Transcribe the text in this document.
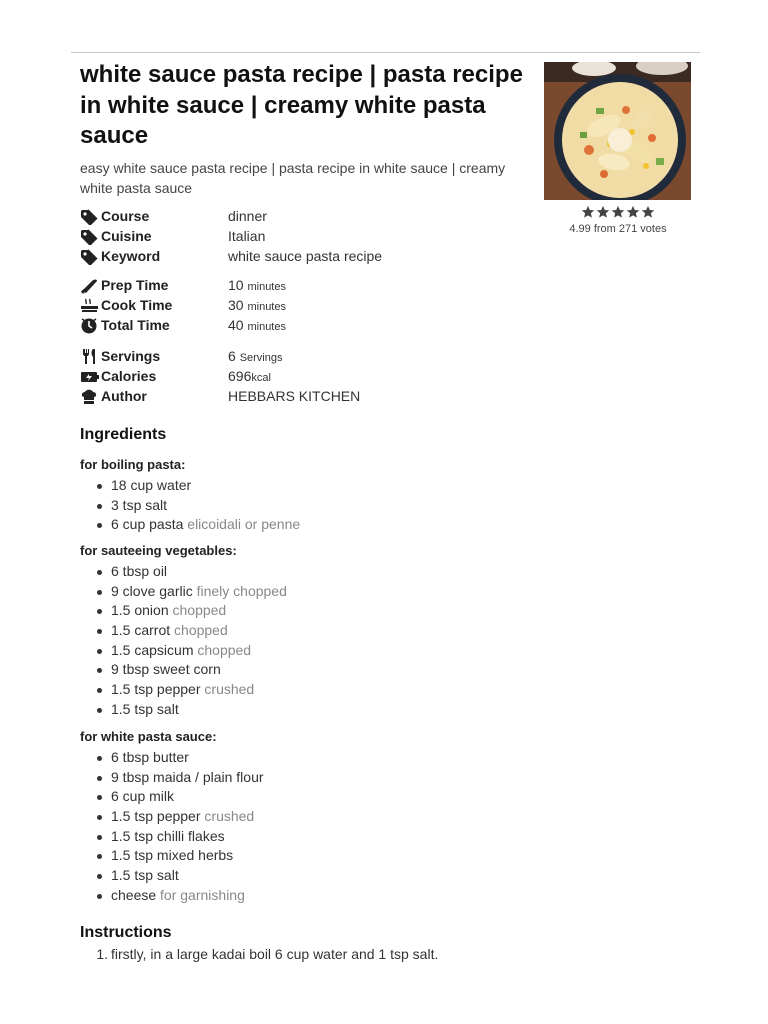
white sauce pasta recipe | pasta recipe in white sauce | creamy white pasta sauce
easy white sauce pasta recipe | pasta recipe in white sauce | creamy white pasta sauce
4.99 from 271 votes
Course	dinner
Cuisine	Italian
Keyword	white sauce pasta recipe
Prep Time	10 minutes
Cook Time	30 minutes
Total Time	40 minutes
Servings	6 Servings
Calories	696kcal
Author	HEBBARS KITCHEN
Ingredients
for boiling pasta:
18 cup water
3 tsp salt
6 cup pasta elicoidali or penne
for sauteeing vegetables:
6 tbsp oil
9 clove garlic finely chopped
1.5 onion chopped
1.5 carrot chopped
1.5 capsicum chopped
9 tbsp sweet corn
1.5 tsp pepper crushed
1.5 tsp salt
for white pasta sauce:
6 tbsp butter
9 tbsp maida / plain flour
6 cup milk
1.5 tsp pepper crushed
1.5 tsp chilli flakes
1.5 tsp mixed herbs
1.5 tsp salt
cheese for garnishing
Instructions
1. firstly, in a large kadai boil 6 cup water and 1 tsp salt.
